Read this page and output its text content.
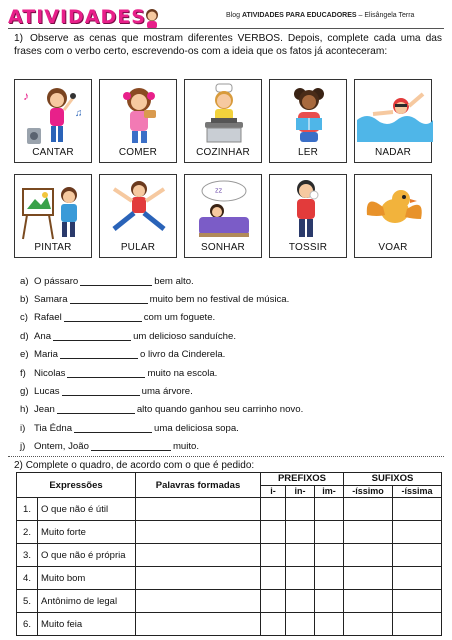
ATIVIDADES	Blog ATIVIDADES PARA EDUCADORES – Elisângela Terra
1) Observe as cenas que mostram diferentes VERBOS. Depois, complete cada uma das frases com o verbo certo, escrevendo-os com a ideia que os fatos já aconteceram:
♪
♫
CANTAR	COMER	COZINHAR	LER	NADAR
PINTAR	PULAR
ᶻᶻ
SONHAR	TOSSIR	VOAR
a) O pássaro	bem alto.
b) Samara	muito bem no festival de música.
c) Rafael	com um foguete.
d) Ana	um delicioso sanduíche.
e) Maria	o livro da Cinderela.
f) Nicolas	muito na escola.
g) Lucas	uma árvore.
h) Jean	alto quando ganhou seu carrinho novo.
i) Tia Édna	uma deliciosa sopa.
j) Ontem, João	muito.
2) Complete o quadro, de acordo com o que é pedido:
Expressões		Palavras formadas	PREFIXOS			SUFIXOS	
			i-	in-	im-	-íssimo	-íssima
1.	O que não é útil						
2.	Muito forte						
3.	O que não é própria						
4.	Muito bom						
5.	Antônimo de legal						
6.	Muito feia						
